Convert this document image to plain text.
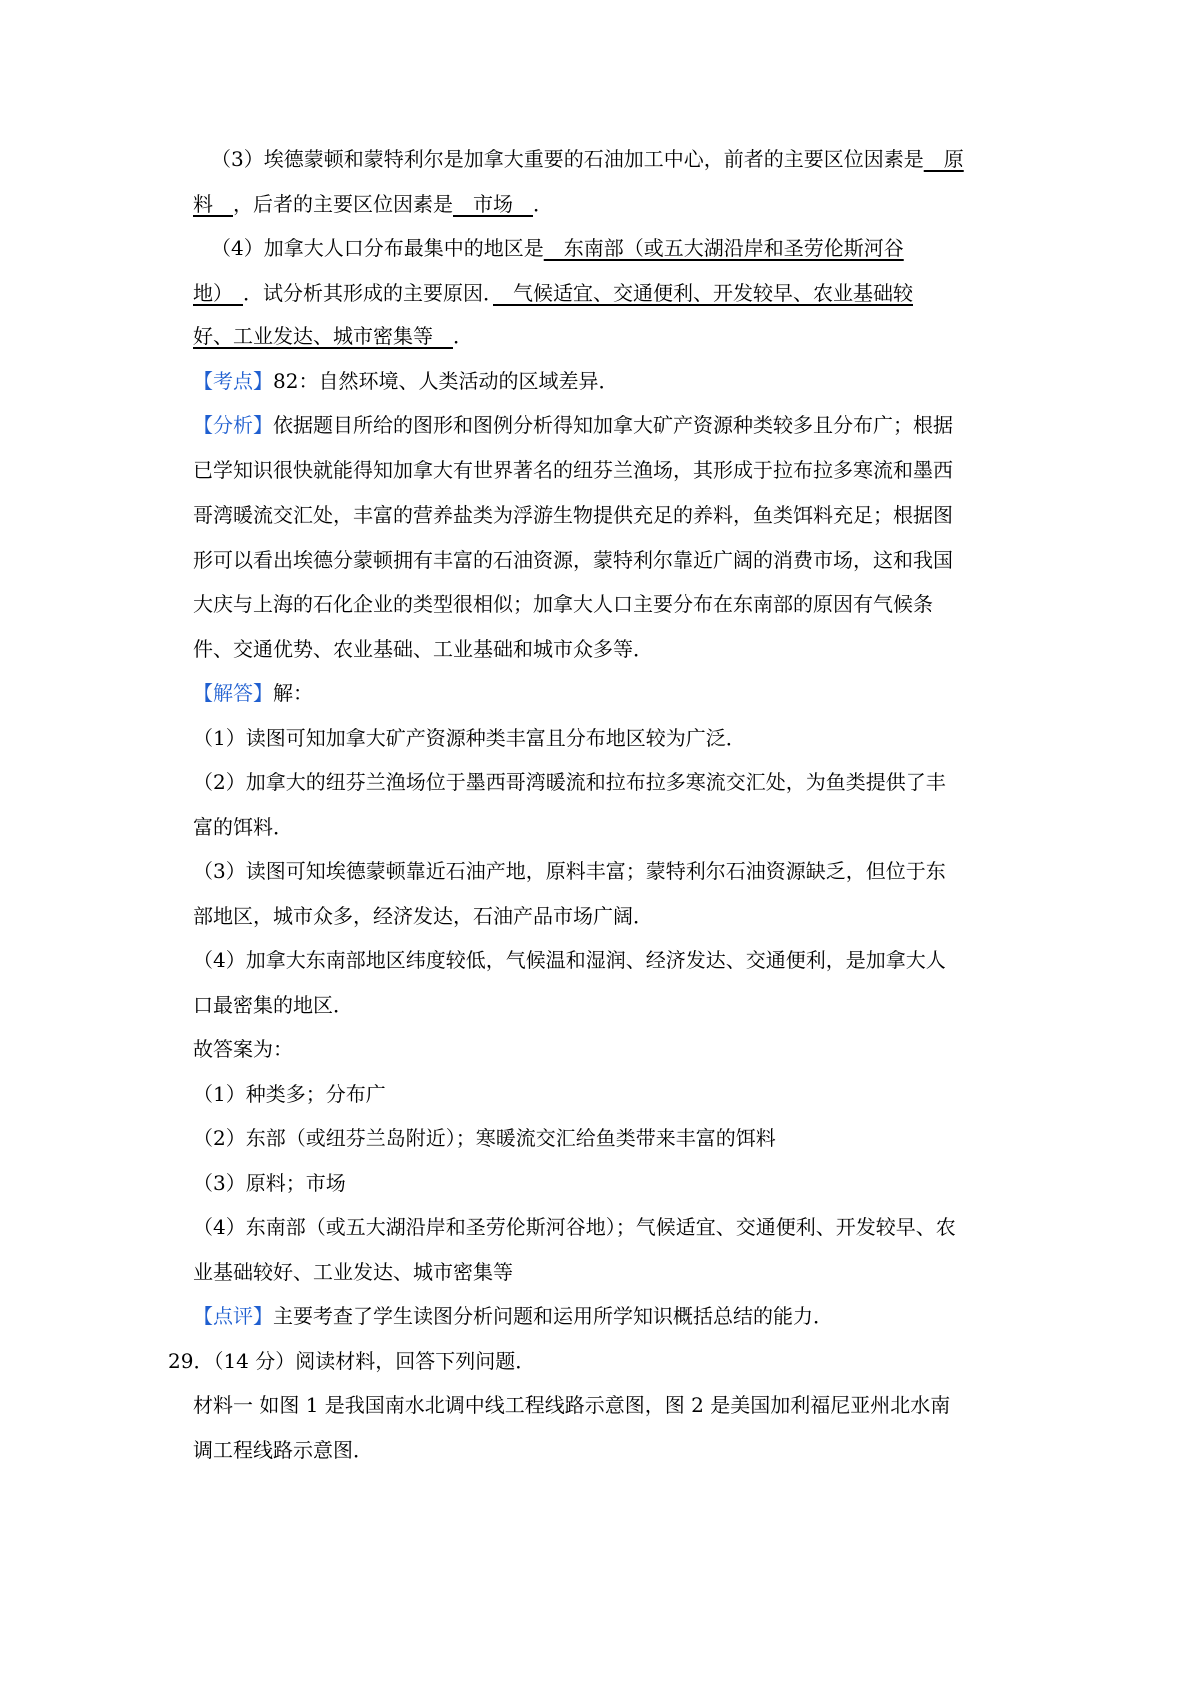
（3）埃德蒙顿和蒙特利尔是加拿大重要的石油加工中心，前者的主要区位因素是　原
料　，后者的主要区位因素是　市场　．
（4）加拿大人口分布最集中的地区是　东南部（或五大湖沿岸和圣劳伦斯河谷
地）　．试分析其形成的主要原因．　气候适宜、交通便利、开发较早、农业基础较
好、工业发达、城市密集等　．
【考点】82：自然环境、人类活动的区域差异．
【分析】依据题目所给的图形和图例分析得知加拿大矿产资源种类较多且分布广；根据
已学知识很快就能得知加拿大有世界著名的纽芬兰渔场，其形成于拉布拉多寒流和墨西
哥湾暖流交汇处，丰富的营养盐类为浮游生物提供充足的养料，鱼类饵料充足；根据图
形可以看出埃德分蒙顿拥有丰富的石油资源，蒙特利尔靠近广阔的消费市场，这和我国
大庆与上海的石化企业的类型很相似；加拿大人口主要分布在东南部的原因有气候条
件、交通优势、农业基础、工业基础和城市众多等．
【解答】解：
（1）读图可知加拿大矿产资源种类丰富且分布地区较为广泛．
（2）加拿大的纽芬兰渔场位于墨西哥湾暖流和拉布拉多寒流交汇处，为鱼类提供了丰
富的饵料．
（3）读图可知埃德蒙顿靠近石油产地，原料丰富；蒙特利尔石油资源缺乏，但位于东
部地区，城市众多，经济发达，石油产品市场广阔．
（4）加拿大东南部地区纬度较低，气候温和湿润、经济发达、交通便利，是加拿大人
口最密集的地区．
故答案为：
（1）种类多；分布广
（2）东部（或纽芬兰岛附近）；寒暖流交汇给鱼类带来丰富的饵料
（3）原料；市场
（4）东南部（或五大湖沿岸和圣劳伦斯河谷地）；气候适宜、交通便利、开发较早、农
业基础较好、工业发达、城市密集等
【点评】主要考查了学生读图分析问题和运用所学知识概括总结的能力．
29．（14 分）阅读材料，回答下列问题．
材料一 如图 1 是我国南水北调中线工程线路示意图，图 2 是美国加利福尼亚州北水南
调工程线路示意图．
